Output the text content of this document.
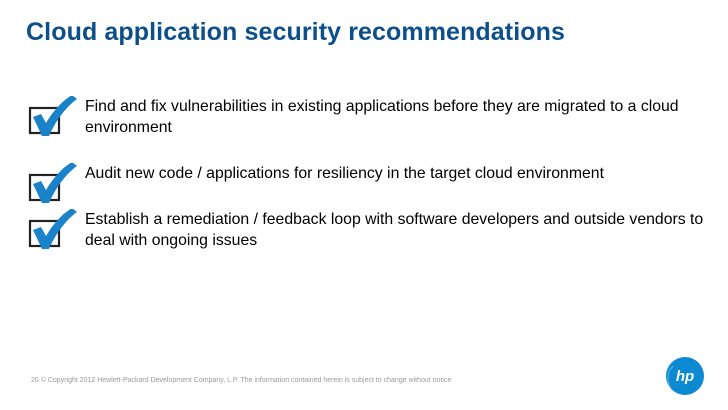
Cloud application security recommendations
Find and fix vulnerabilities in existing applications before they are migrated to a cloud environment
Audit new code / applications for resiliency in the target cloud environment
Establish a remediation / feedback loop with software developers and outside vendors to deal with ongoing issues
20 © Copyright 2012 Hewlett-Packard Development Company, L.P. The information contained herein is subject to change without notice	hp
